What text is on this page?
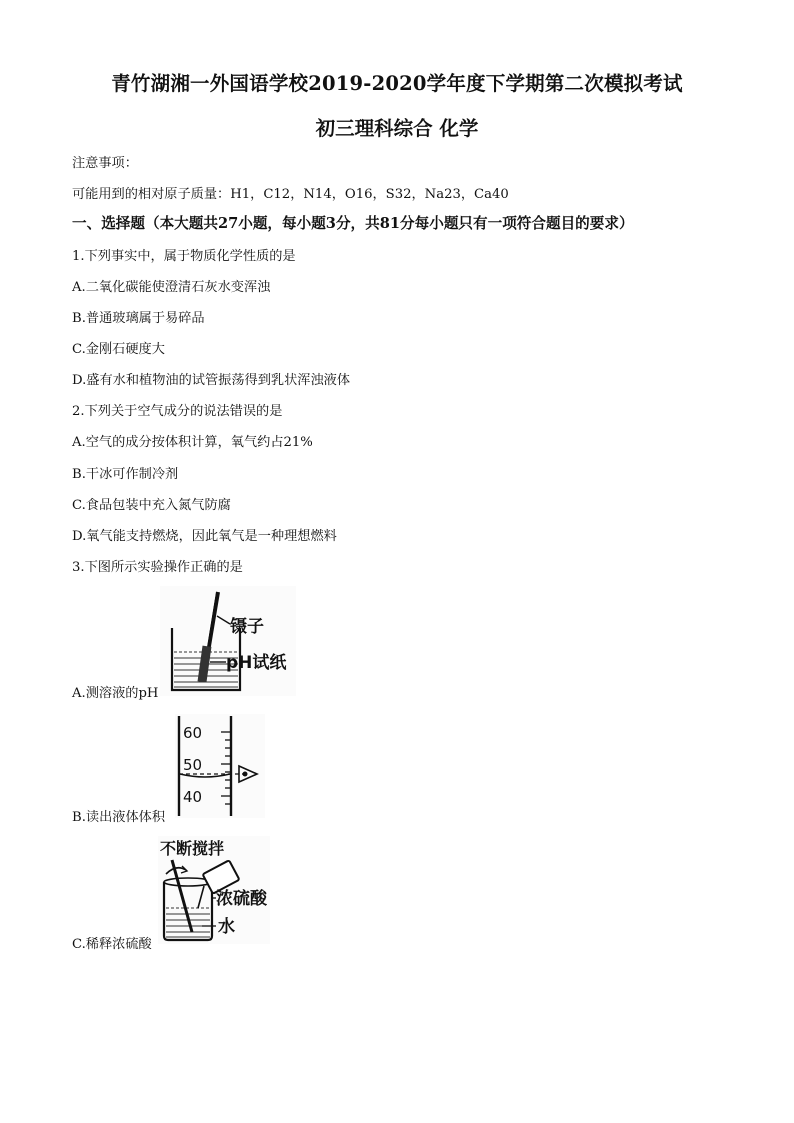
青竹湖湘一外国语学校2019-2020学年度下学期第二次模拟考试
初三理科综合 化学
注意事项：
可能用到的相对原子质量：H1，C12，N14，O16，S32，Na23，Ca40
一、选择题（本大题共27小题，每小题3分，共81分每小题只有一项符合题目的要求）
1.下列事实中，属于物质化学性质的是
A.二氧化碳能使澄清石灰水变浑浊
B.普通玻璃属于易碎品
C.金刚石硬度大
D.盛有水和植物油的试管振荡得到乳状浑浊液体
2.下列关于空气成分的说法错误的是
A.空气的成分按体积计算，氧气约占21%
B.干冰可作制冷剂
C.食品包装中充入氮气防腐
D.氧气能支持燃烧，因此氧气是一种理想燃料
3.下图所示实验操作正确的是
镊子
pH试纸
A.测溶液的pH
60
50
40
B.读出液体体积
不断搅拌
浓硫酸
水
C.稀释浓硫酸
